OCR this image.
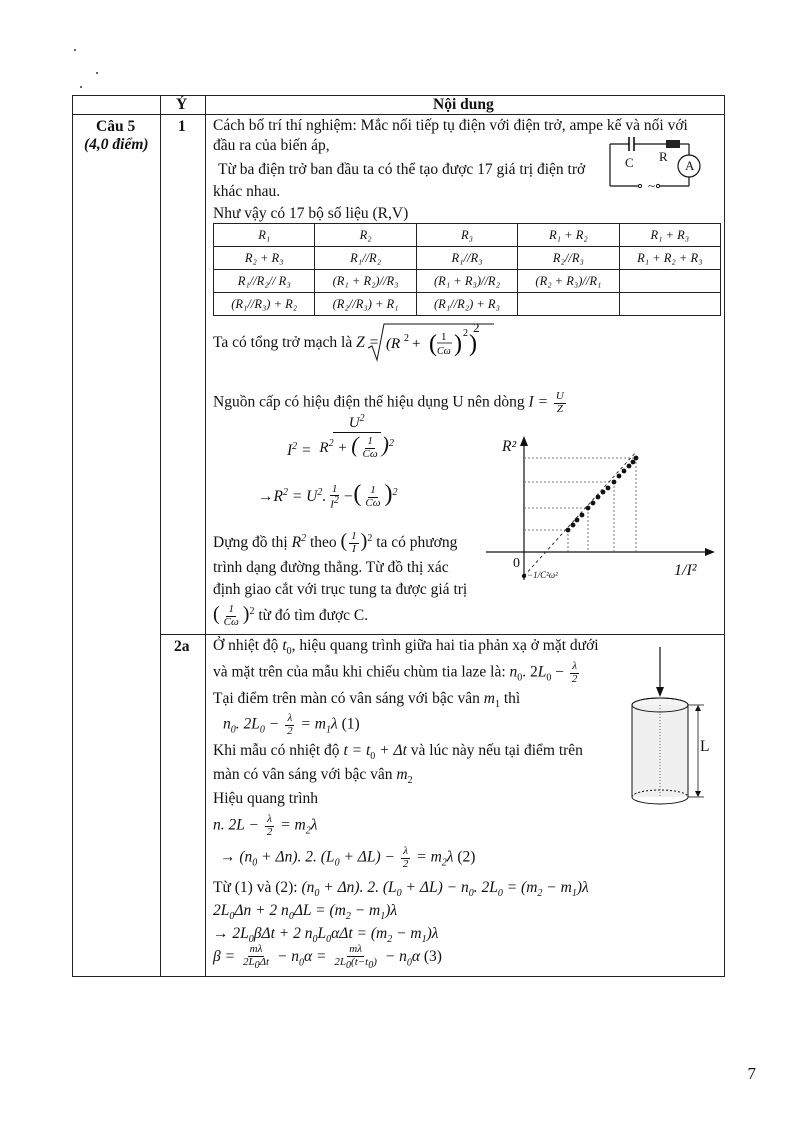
Ý	Nội dung
Câu 5
(4,0 điểm)
1 Cách bố trí thí nghiệm: Mắc nối tiếp tụ điện với điện trở, ampe kế và nối với
đầu ra của biến áp,
Từ ba điện trở ban đầu ta có thể tạo được 17 giá trị điện trở
khác nhau.
Như vậy có 17 bộ số liệu (R,V)
C R
A
~
R₁	R₂	R₃	R₁ + R₂	R₁ + R₃
R₂ + R₃	R₁//R₂	R₁//R₃	R₂//R₃	R₁ + R₂ + R₃
R₁//R₂// R₃	(R₁ + R₂)//R₃	(R₁ + R₃)//R₂	(R₂ + R₃)//R₁	
(R₁//R₃) + R₂	(R₂//R₃) + R₁	(R₁//R₂) + R₃		
Ta có tổng trở mạch là Z = (R 2 + ( 1
Cω ) 2 )
2
Nguồn cấp có hiệu điện thế hiệu dụng U nên dòng $I = \frac{U}{Z}$
$I^2 = \frac{U^2}{R^2 + ( \frac{1}{C\omega} )^2}$
$\to R^2 = U^2$. $\frac{1}{I^2}$ −( $\frac{1}{C\omega} )^2$
Dựng đồ thị $R^2$ theo ( $\frac{1}{I} )^2$ ta có phương
trình dạng đường thẳng. Từ đồ thị xác
định giao cắt với trục tung ta được giá trị
( $\frac{1}{C\omega} )^2$ từ đó tìm được C.
R²
1/I²
0
−1/C²ω²
2a Ở nhiệt độ $t_0$, hiệu quang trình giữa hai tia phản xạ ở mặt dưới
và mặt trên của mẫu khi chiếu chùm tia laze là: $n_0$. $2L_0 - \frac{\lambda}{2}$
Tại điểm trên màn có vân sáng với bậc vân $m_1$ thì
$n_0$. $2L_0 - \frac{\lambda}{2} = m_1\lambda$ (1)
Khi mẫu có nhiệt độ $t = t_0 + \Delta t$ và lúc này nếu tại điểm trên
màn có vân sáng với bậc vân $m_2$
Hiệu quang trình
n. $2L - \frac{\lambda}{2} = m_2\lambda$
→ $(n_0 + \Delta n)$. 2. $(L_0 + \Delta L) - \frac{\lambda}{2} = m_2\lambda$ (2)
Từ (1) và (2): $(n_0 + \Delta n)$. 2. $(L_0 + \Delta L) - n_0$. $2L_0 = (m_2 - m_1)\lambda$
$2L_0\Delta n + 2$ $n_0\Delta L = (m_2 - m_1)\lambda$
→ $2L_0\beta\Delta t + 2$ $n_0L_0\alpha\Delta t = (m_2 - m_1)\lambda$
$\beta = \frac{m\lambda}{2L_0\Delta t} - n_0\alpha = \frac{m\lambda}{2L_0(t-t_0)} - n_0\alpha$ (3)
L
7
